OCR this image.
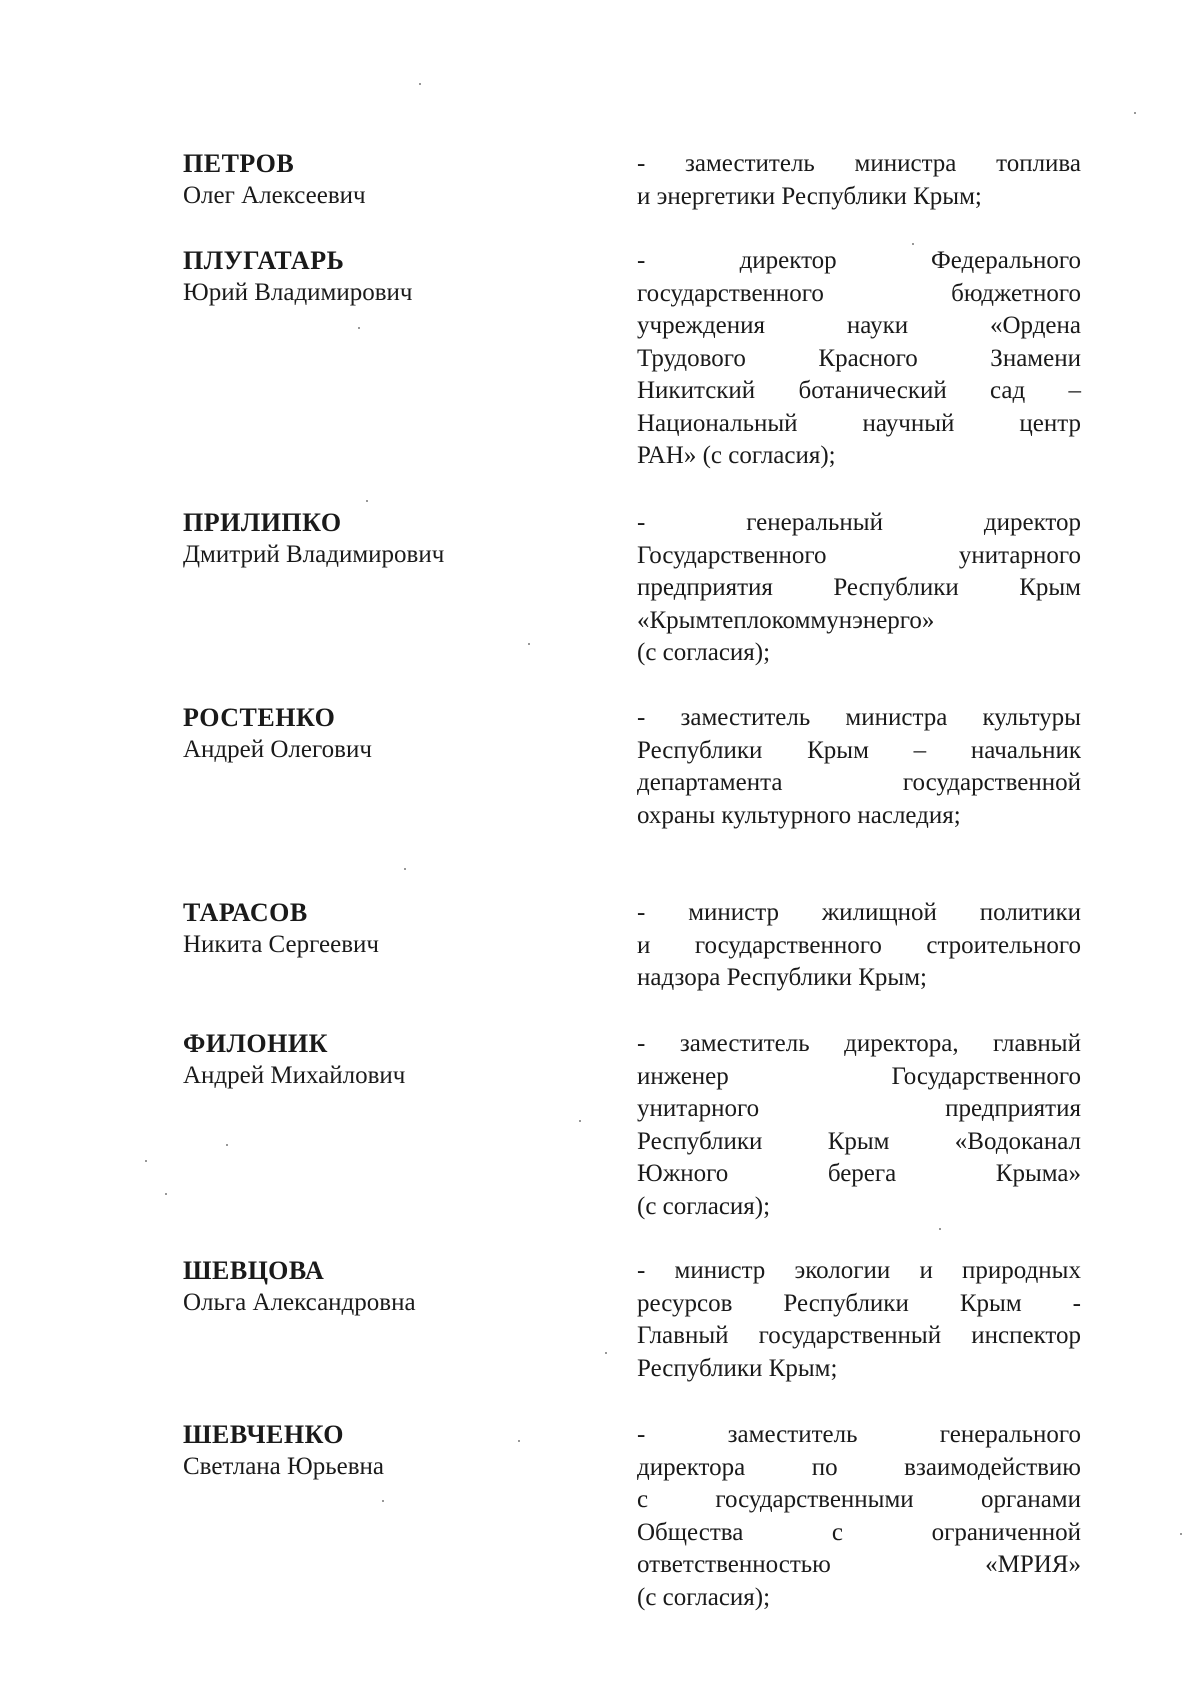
ПЕТРОВ
Олег Алексеевич
- заместитель министра топлива
и энергетики Республики Крым;
ПЛУГАТАРЬ
Юрий Владимирович
-	директор	Федерального
государственного	бюджетного
учреждения	науки	«Ордена
Трудового	Красного	Знамени
Никитский ботанический сад –
Национальный	научный	центр
РАН» (с согласия);
ПРИЛИПКО
Дмитрий Владимирович
-	генеральный	директор
Государственного	унитарного
предприятия Республики Крым
«Крымтеплокоммунэнерго»
(с согласия);
РОСТЕНКО
Андрей Олегович
- заместитель министра культуры
Республики Крым – начальник
департамента	государственной
охраны культурного наследия;
ТАРАСОВ
Никита Сергеевич
- министр жилищной политики
и государственного строительного
надзора Республики Крым;
ФИЛОНИК
Андрей Михайлович
- заместитель директора, главный
инженер	Государственного
унитарного	предприятия
Республики	Крым	«Водоканал
Южного	берега	Крыма»
(с согласия);
ШЕВЦОВА
Ольга Александровна
- министр экологии и природных
ресурсов Республики Крым -
Главный государственный инспектор
Республики Крым;
ШЕВЧЕНКО
Светлана Юрьевна
-	заместитель	генерального
директора	по	взаимодействию
с	государственными	органами
Общества	с	ограниченной
ответственностью	«МРИЯ»
(с согласия);
